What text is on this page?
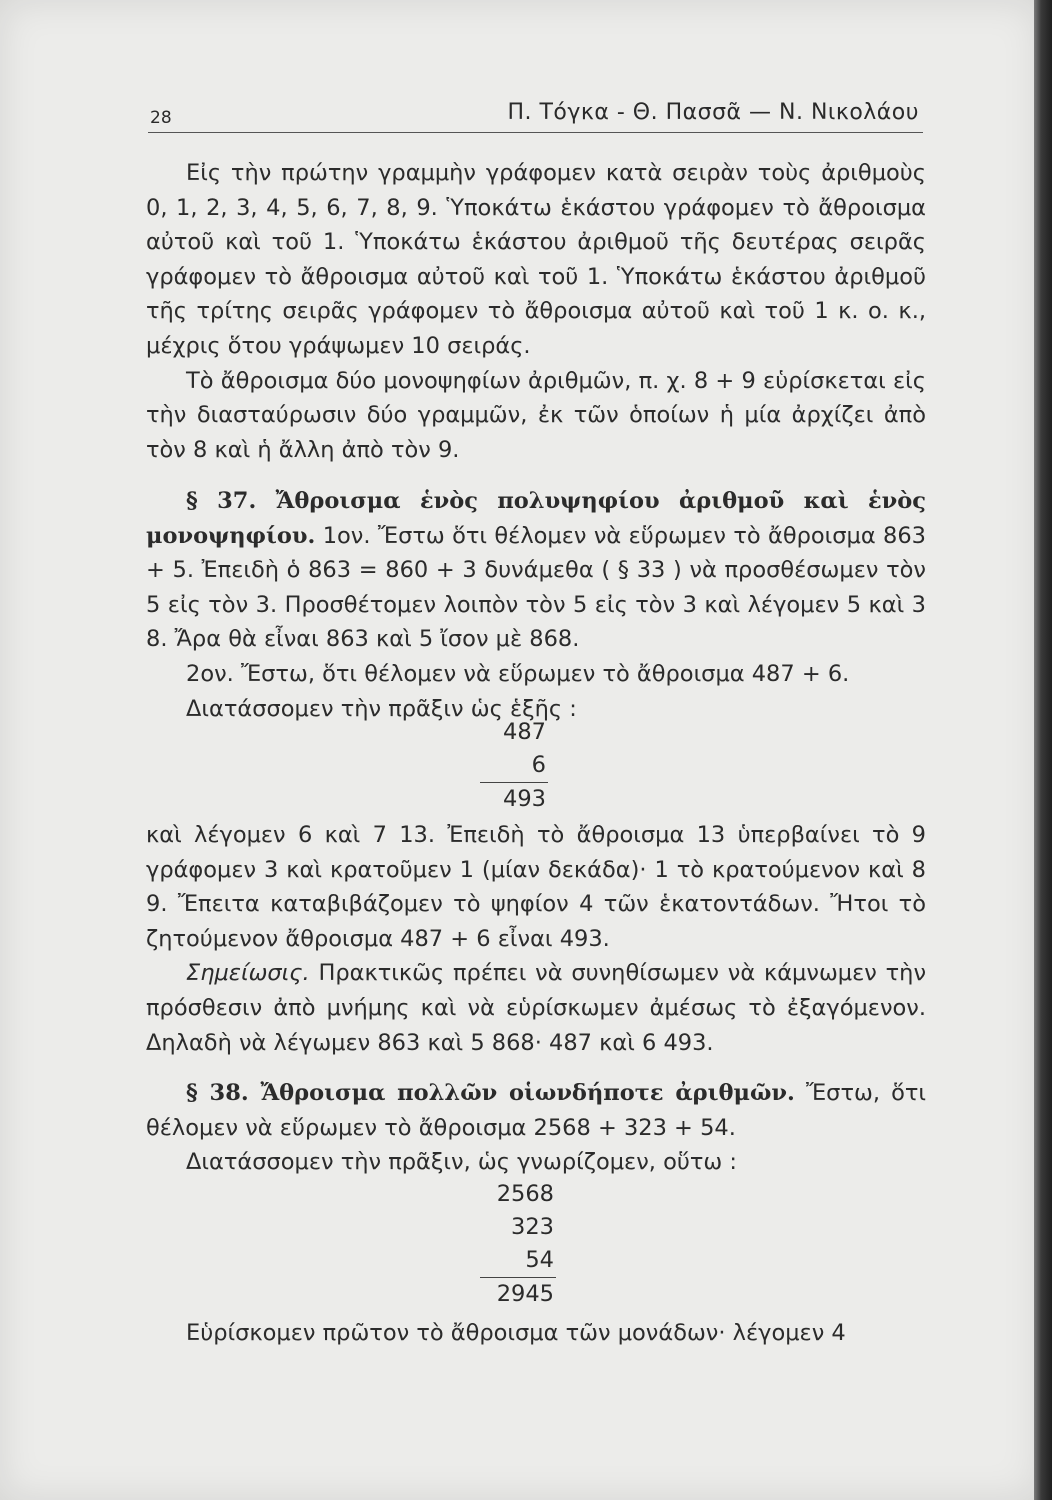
28	Π. Τόγκα - Θ. Πασσᾶ — Ν. Νικολάου

Εἰς τὴν πρώτην γραμμὴν γράφομεν κατὰ σειρὰν τοὺς ἀριθμοὺς 0, 1, 2, 3, 4, 5, 6, 7, 8, 9. Ὑποκάτω ἑκάστου γράφομεν τὸ ἄθροισμα αὐτοῦ καὶ τοῦ 1. Ὑποκάτω ἑκάστου ἀριθμοῦ τῆς δευτέρας σειρᾶς γράφομεν τὸ ἄθροισμα αὐτοῦ καὶ τοῦ 1. Ὑποκάτω ἑκάστου ἀριθμοῦ τῆς τρίτης σειρᾶς γράφομεν τὸ ἄθροισμα αὐτοῦ καὶ τοῦ 1 κ. ο. κ., μέχρις ὅτου γράψωμεν 10 σειράς.

Τὸ ἄθροισμα δύο μονοψηφίων ἀριθμῶν, π. χ. 8 + 9 εὑρίσκεται εἰς τὴν διασταύρωσιν δύο γραμμῶν, ἐκ τῶν ὁποίων ἡ μία ἀρχίζει ἀπὸ τὸν 8 καὶ ἡ ἄλλη ἀπὸ τὸν 9.

§ 37. Ἄθροισμα ἑνὸς πολυψηφίου ἀριθμοῦ καὶ ἑνὸς μονοψηφίου. 1ον. Ἔστω ὅτι θέλομεν νὰ εὕρωμεν τὸ ἄθροισμα 863 + 5. Ἐπειδὴ ὁ 863 = 860 + 3 δυνάμεθα ( § 33 ) νὰ προσθέσωμεν τὸν 5 εἰς τὸν 3. Προσθέτομεν λοιπὸν τὸν 5 εἰς τὸν 3 καὶ λέγομεν 5 καὶ 3 8. Ἄρα θὰ εἶναι 863 καὶ 5 ἴσον μὲ 868.

2ον. Ἔστω, ὅτι θέλομεν νὰ εὕρωμεν τὸ ἄθροισμα 487 + 6.

Διατάσσομεν τὴν πρᾶξιν ὡς ἑξῆς :

487
6
493

καὶ λέγομεν 6 καὶ 7 13. Ἐπειδὴ τὸ ἄθροισμα 13 ὑπερβαίνει τὸ 9 γράφομεν 3 καὶ κρατοῦμεν 1 (μίαν δεκάδα)· 1 τὸ κρατούμενον καὶ 8 9. Ἔπειτα καταβιβάζομεν τὸ ψηφίον 4 τῶν ἑκατοντάδων. Ἤτοι τὸ ζητούμενον ἄθροισμα 487 + 6 εἶναι 493.

Σημείωσις. Πρακτικῶς πρέπει νὰ συνηθίσωμεν νὰ κάμνωμεν τὴν πρόσθεσιν ἀπὸ μνήμης καὶ νὰ εὑρίσκωμεν ἀμέσως τὸ ἐξαγόμενον. Δηλαδὴ νὰ λέγωμεν 863 καὶ 5 868· 487 καὶ 6 493.

§ 38. Ἄθροισμα πολλῶν οἱωνδήποτε ἀριθμῶν. Ἔστω, ὅτι θέλομεν νὰ εὕρωμεν τὸ ἄθροισμα 2568 + 323 + 54.

Διατάσσομεν τὴν πρᾶξιν, ὡς γνωρίζομεν, οὕτω :

2568
323
54
2945

Εὑρίσκομεν πρῶτον τὸ ἄθροισμα τῶν μονάδων· λέγομεν 4
